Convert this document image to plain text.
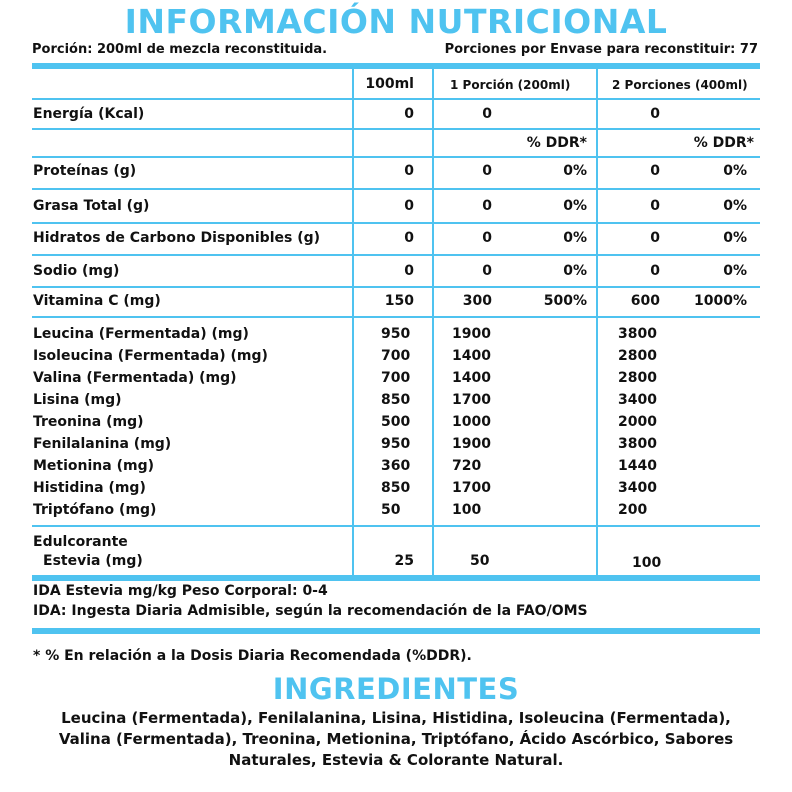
INFORMACIÓN NUTRICIONAL
Porción: 200ml de mezcla reconstituida.	Porciones por Envase para reconstituir: 77
100ml	1 Porción (200ml)	2 Porciones (400ml)
Energía (Kcal)	0	0	0
% DDR*	% DDR*
Proteínas (g)	0	0	0%	0	0%
Grasa Total (g)	0	0	0%	0	0%
Hidratos de Carbono Disponibles (g)	0	0	0%	0	0%
Sodio (mg)	0	0	0%	0	0%
Vitamina C (mg)	150	300	500%	600	1000%
Leucina (Fermentada) (mg)	950	1900	3800
Isoleucina (Fermentada) (mg)	700	1400	2800
Valina (Fermentada) (mg)	700	1400	2800
Lisina (mg)	850	1700	3400
Treonina (mg)	500	1000	2000
Fenilalanina (mg)	950	1900	3800
Metionina (mg)	360	720	1440
Histidina (mg)	850	1700	3400
Triptófano (mg)	50	100	200
Edulcorante
Estevia (mg)	25	50	100
IDA Estevia mg/kg Peso Corporal: 0-4
IDA: Ingesta Diaria Admisible, según la recomendación de la FAO/OMS
* % En relación a la Dosis Diaria Recomendada (%DDR).
INGREDIENTES
Leucina (Fermentada), Fenilalanina, Lisina, Histidina, Isoleucina (Fermentada), Valina (Fermentada), Treonina, Metionina, Triptófano, Ácido Ascórbico, Sabores Naturales, Estevia & Colorante Natural.
